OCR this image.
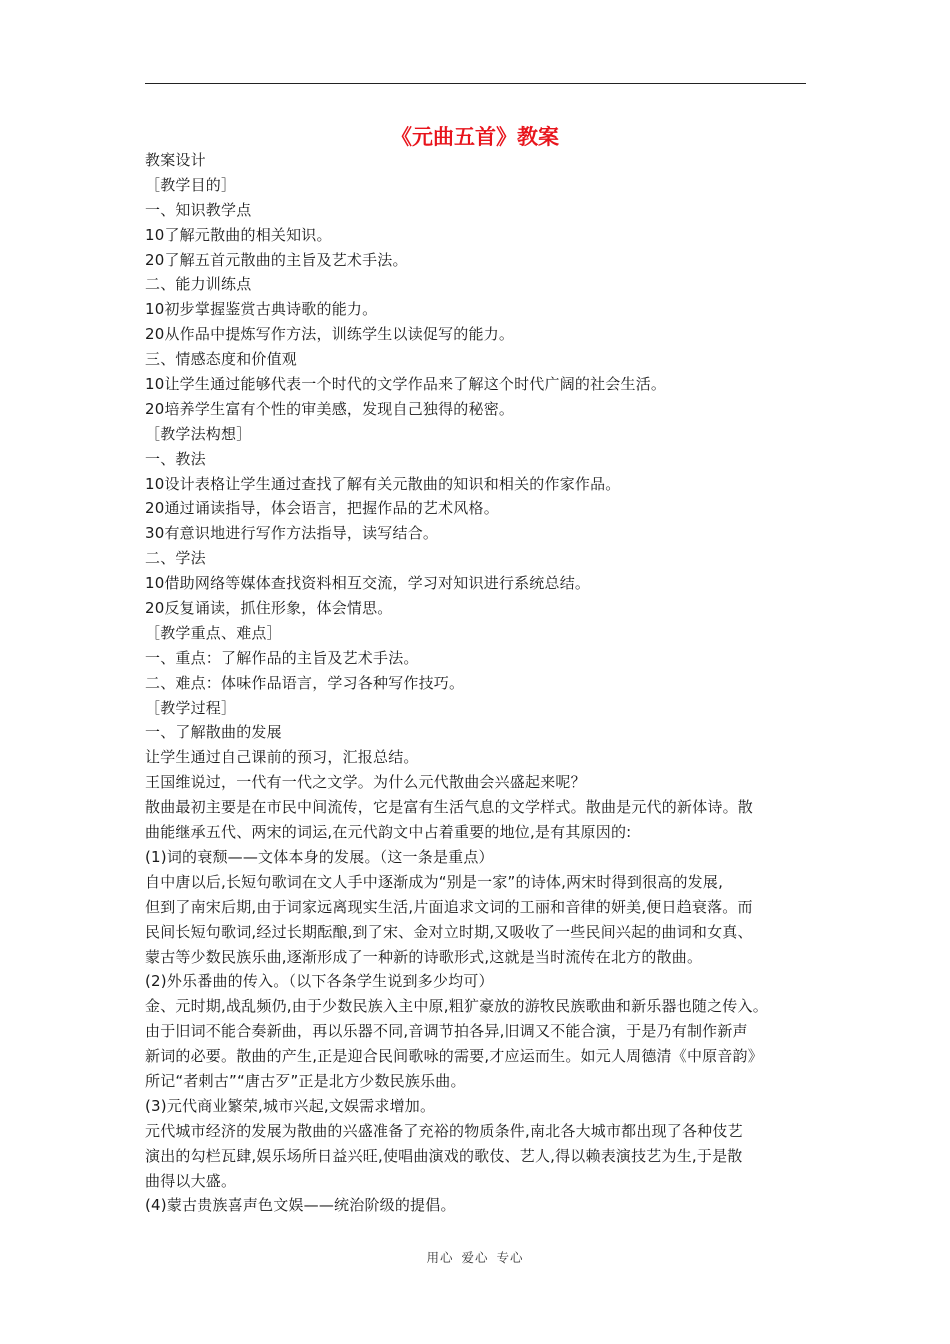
《元曲五首》教案
教案设计
［教学目的］
一、知识教学点
10了解元散曲的相关知识。
20了解五首元散曲的主旨及艺术手法。
二、能力训练点
10初步掌握鉴赏古典诗歌的能力。
20从作品中提炼写作方法，训练学生以读促写的能力。
三、情感态度和价值观
10让学生通过能够代表一个时代的文学作品来了解这个时代广阔的社会生活。
20培养学生富有个性的审美感，发现自己独得的秘密。
［教学法构想］
一、教法
10设计表格让学生通过查找了解有关元散曲的知识和相关的作家作品。
20通过诵读指导，体会语言，把握作品的艺术风格。
30有意识地进行写作方法指导，读写结合。
二、学法
10借助网络等媒体查找资料相互交流，学习对知识进行系统总结。
20反复诵读，抓住形象，体会情思。
［教学重点、难点］
一、重点：了解作品的主旨及艺术手法。
二、难点：体味作品语言，学习各种写作技巧。
［教学过程］
一、了解散曲的发展
让学生通过自己课前的预习，汇报总结。
王国维说过，一代有一代之文学。为什么元代散曲会兴盛起来呢？
散曲最初主要是在市民中间流传，它是富有生活气息的文学样式。散曲是元代的新体诗。散
曲能继承五代、两宋的词运,在元代韵文中占着重要的地位,是有其原因的:
(1)词的衰颓——文体本身的发展。（这一条是重点）
自中唐以后,长短句歌词在文人手中逐渐成为“别是一家”的诗体,两宋时得到很高的发展,
但到了南宋后期,由于词家远离现实生活,片面追求文词的工丽和音律的妍美,便日趋衰落。而
民间长短句歌词,经过长期酝酿,到了宋、金对立时期,又吸收了一些民间兴起的曲词和女真、
蒙古等少数民族乐曲,逐渐形成了一种新的诗歌形式,这就是当时流传在北方的散曲。
(2)外乐番曲的传入。（以下各条学生说到多少均可）
金、元时期,战乱频仍,由于少数民族入主中原,粗犷豪放的游牧民族歌曲和新乐器也随之传入。
由于旧词不能合奏新曲，再以乐器不同,音调节拍各异,旧调又不能合演，于是乃有制作新声
新词的必要。散曲的产生,正是迎合民间歌咏的需要,才应运而生。如元人周德清《中原音韵》
所记“者剌古”“唐古歹”正是北方少数民族乐曲。
(3)元代商业繁荣,城市兴起,文娱需求增加。
元代城市经济的发展为散曲的兴盛准备了充裕的物质条件,南北各大城市都出现了各种伎艺
演出的勾栏瓦肆,娱乐场所日益兴旺,使唱曲演戏的歌伎、艺人,得以赖表演技艺为生,于是散
曲得以大盛。
(4)蒙古贵族喜声色文娱——统治阶级的提倡。
用心 爱心 专心
